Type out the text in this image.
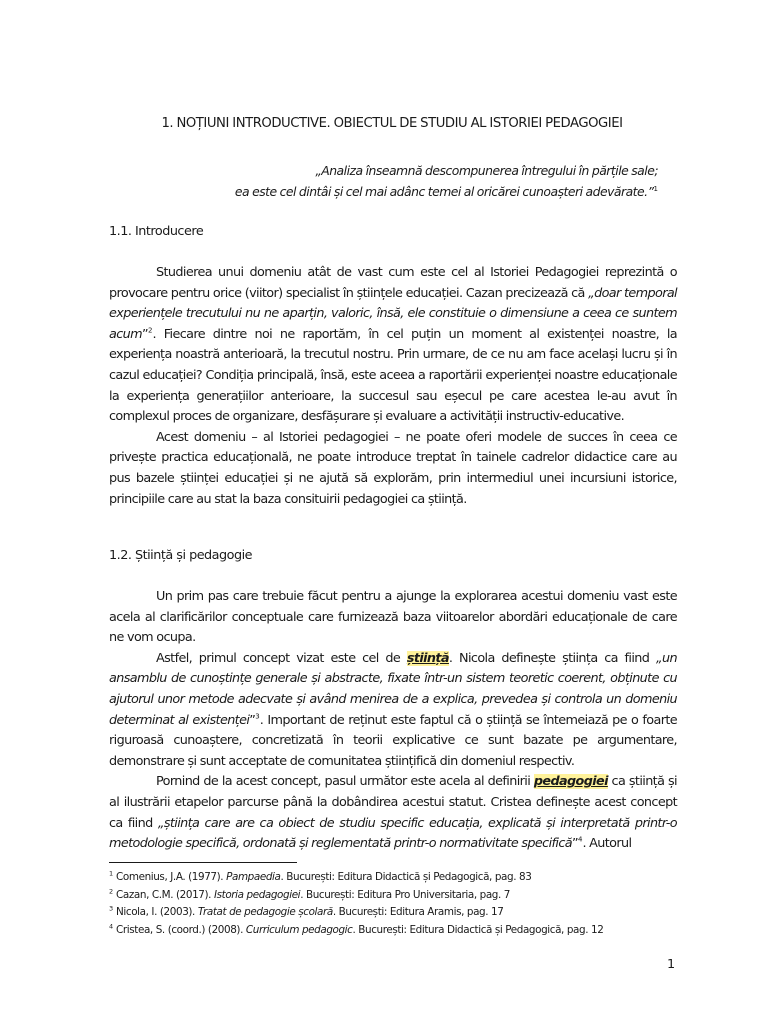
1. NOȚIUNI INTRODUCTIVE. OBIECTUL DE STUDIU AL ISTORIEI PEDAGOGIEI
„Analiza înseamnă descompunerea întregului în părțile sale;
ea este cel dintâi și cel mai adânc temei al oricărei cunoașteri adevărate.”$^1$
1.1. Introducere

Studierea unui domeniu atât de vast cum este cel al Istoriei Pedagogiei reprezintă o provocare pentru orice (viitor) specialist în științele educației. Cazan precizează că „doar temporal experiențele trecutului nu ne aparțin, valoric, însă, ele constituie o dimensiune a ceea ce suntem acum”$^2$. Fiecare dintre noi ne raportăm, în cel puțin un moment al existenței noastre, la experiența noastră anterioară, la trecutul nostru. Prin urmare, de ce nu am face același lucru și în cazul educației? Condiția principală, însă, este aceea a raportării experienței noastre educaționale la experiența generațiilor anterioare, la succesul sau eșecul pe care acestea le-au avut în complexul proces de organizare, desfășurare și evaluare a activității instructiv-educative.

Acest domeniu – al Istoriei pedagogiei – ne poate oferi modele de succes în ceea ce privește practica educațională, ne poate introduce treptat în tainele cadrelor didactice care au pus bazele științei educației și ne ajută să explorăm, prin intermediul unei incursiuni istorice, principiile care au stat la baza consituirii pedagogiei ca știință.

1.2. Știință și pedagogie

Un prim pas care trebuie făcut pentru a ajunge la explorarea acestui domeniu vast este acela al clarificărilor conceptuale care furnizează baza viitoarelor abordări educaționale de care ne vom ocupa.

Astfel, primul concept vizat este cel de știință. Nicola definește știința ca fiind „un ansamblu de cunoștințe generale și abstracte, fixate într-un sistem teoretic coerent, obținute cu ajutorul unor metode adecvate și având menirea de a explica, prevedea și controla un domeniu determinat al existenței”$^3$. Important de reținut este faptul că o știință se întemeiază pe o foarte riguroasă cunoaștere, concretizată în teorii explicative ce sunt bazate pe argumentare, demonstrare și sunt acceptate de comunitatea științifică din domeniul respectiv.

Pornind de la acest concept, pasul următor este acela al definirii pedagogiei ca știință și al ilustrării etapelor parcurse până la dobândirea acestui statut. Cristea definește acest concept ca fiind „știința care are ca obiect de studiu specific educația, explicată și interpretată printr-o metodologie specifică, ordonată și reglementată printr-o normativitate specifică”$^4$. Autorul

$^1$ Comenius, J.A. (1977). Pampaedia. București: Editura Didactică și Pedagogică, pag. 83
$^2$ Cazan, C.M. (2017). Istoria pedagogiei. București: Editura Pro Universitaria, pag. 7
$^3$ Nicola, I. (2003). Tratat de pedagogie școlară. București: Editura Aramis, pag. 17
$^4$ Cristea, S. (coord.) (2008). Curriculum pedagogic. București: Editura Didactică și Pedagogică, pag. 12
1
